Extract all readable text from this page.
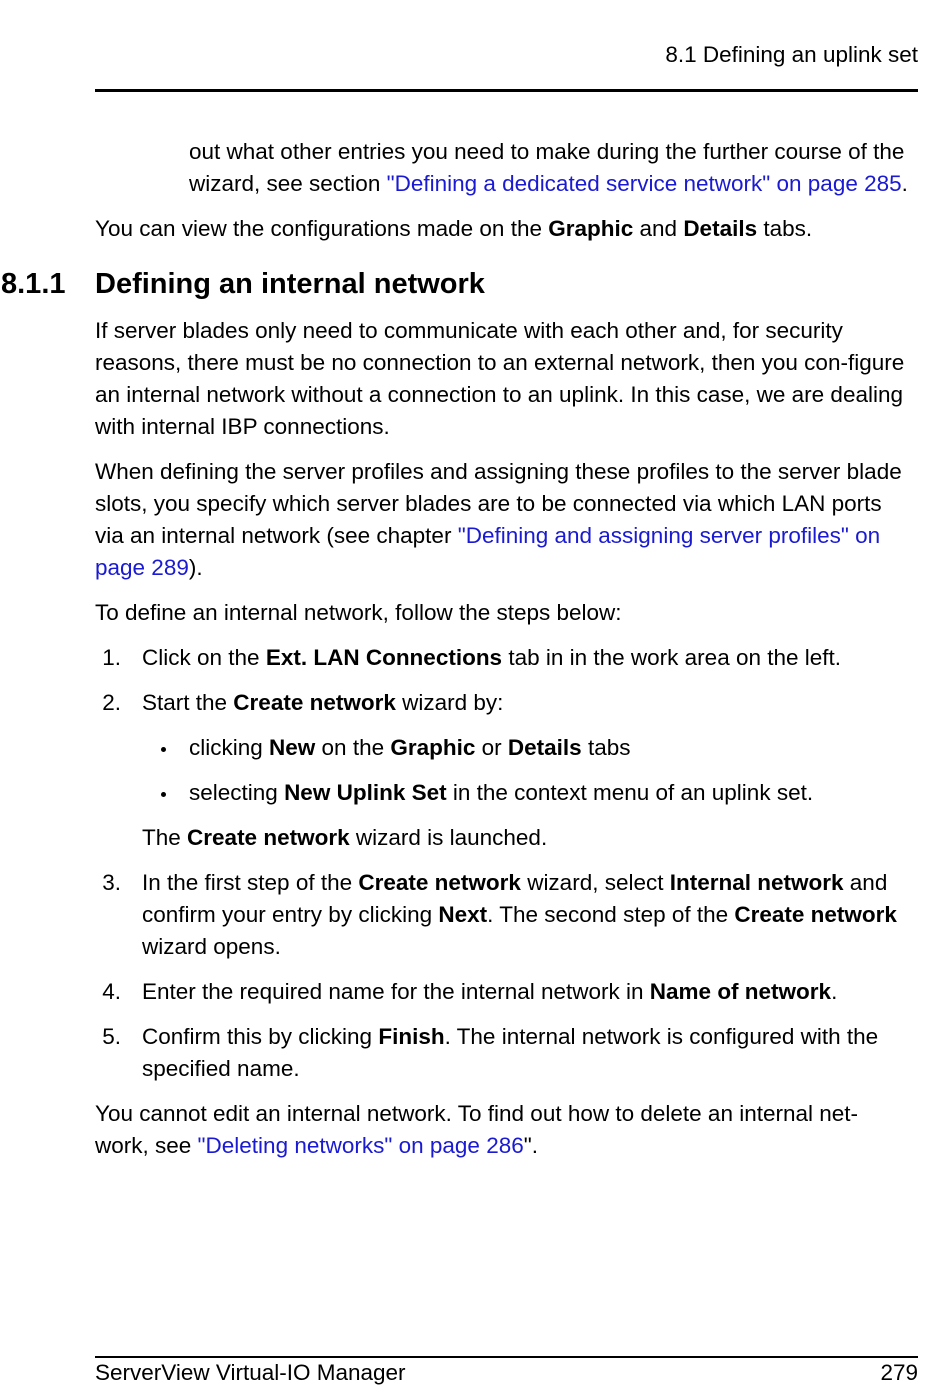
8.1 Defining an uplink set

out what other entries you need to make during the further course of the wizard, see section "Defining a dedicated service network" on page 285.

You can view the configurations made on the Graphic and Details tabs.

8.1.1	Defining an internal network

If server blades only need to communicate with each other and, for security reasons, there must be no connection to an external network, then you con-figure an internal network without a connection to an uplink. In this case, we are dealing with internal IBP connections.

When defining the server profiles and assigning these profiles to the server blade slots, you specify which server blades are to be connected via which LAN ports via an internal network (see chapter "Defining and assigning server profiles" on page 289).

To define an internal network, follow the steps below:

1. Click on the Ext. LAN Connections tab in in the work area on the left.
2. Start the Create network wizard by:
clicking New on the Graphic or Details tabs
selecting New Uplink Set in the context menu of an uplink set.
The Create network wizard is launched.
3. In the first step of the Create network wizard, select Internal network and confirm your entry by clicking Next. The second step of the Create network wizard opens.
4. Enter the required name for the internal network in Name of network.
5. Confirm this by clicking Finish. The internal network is configured with the specified name.

You cannot edit an internal network. To find out how to delete an internal net-work, see "Deleting networks" on page 286".

ServerView Virtual-IO Manager	279
